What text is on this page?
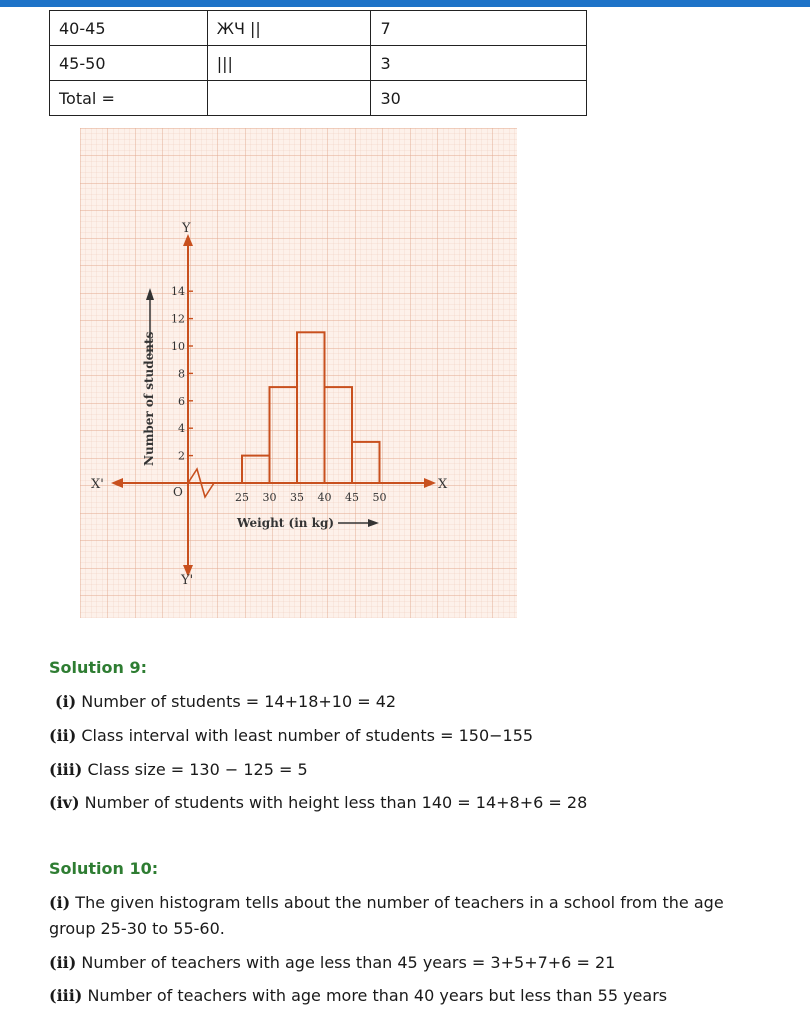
40-45	ЖЧ ||	7
45-50	|||	3
Total =		30
2
4
6
8
10
12
14
25 30 35 40 45 50
Number of students
Weight (in kg)
Y
Y'
X
X'	O
Solution 9:
(i) Number of students = 14+18+10 = 42
(ii) Class interval with least number of students = 150−155
(iii) Class size = 130 − 125 = 5
(iv) Number of students with height less than 140 = 14+8+6 = 28
Solution 10:
(i) The given histogram tells about the number of teachers in a school from the age
group 25-30 to 55-60.
(ii) Number of teachers with age less than 45 years = 3+5+7+6 = 21
(iii) Number of teachers with age more than 40 years but less than 55 years
